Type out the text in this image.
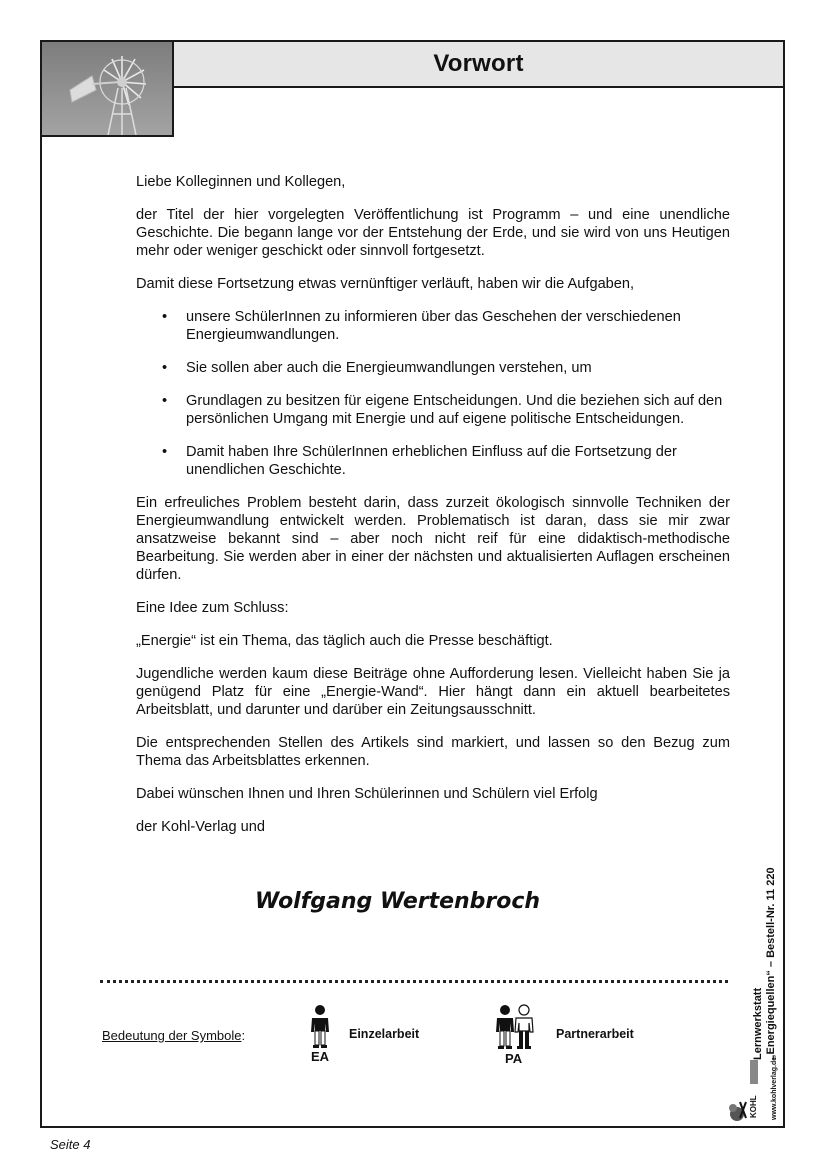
Vorwort

Liebe Kolleginnen und Kollegen,

der Titel der hier vorgelegten Veröffentlichung ist Programm – und eine unendliche Geschichte. Die begann lange vor der Entstehung der Erde, und sie wird von uns Heutigen mehr oder weniger geschickt oder sinnvoll fortgesetzt.

Damit diese Fortsetzung etwas vernünftiger verläuft, haben wir die Aufgaben,

• unsere SchülerInnen zu informieren über das Geschehen der verschiedenen Energieumwandlungen.
• Sie sollen aber auch die Energieumwandlungen verstehen, um
• Grundlagen zu besitzen für eigene Entscheidungen. Und die beziehen sich auf den persönlichen Umgang mit Energie und auf eigene politische Entscheidungen.
• Damit haben Ihre SchülerInnen erheblichen Einfluss auf die Fortsetzung der unendlichen Geschichte.

Ein erfreuliches Problem besteht darin, dass zurzeit ökologisch sinnvolle Techniken der Energieumwandlung entwickelt werden. Problematisch ist daran, dass sie mir zwar ansatzweise bekannt sind – aber noch nicht reif für eine didaktisch-methodische Bearbeitung. Sie werden aber in einer der nächsten und aktualisierten Auflagen erscheinen dürfen.

Eine Idee zum Schluss:

„Energie“ ist ein Thema, das täglich auch die Presse beschäftigt.

Jugendliche werden kaum diese Beiträge ohne Aufforderung lesen. Vielleicht haben Sie ja genügend Platz für eine „Energie-Wand“. Hier hängt dann ein aktuell bearbeitetes Arbeitsblatt, und darunter und darüber ein Zeitungsausschnitt.

Die entsprechenden Stellen des Artikels sind markiert, und lassen so den Bezug zum Thema das Arbeitsblattes erkennen.

Dabei wünschen Ihnen und Ihren Schülerinnen und Schülern viel Erfolg

der Kohl-Verlag und

Wolfgang Wertenbroch
Bedeutung der Symbole:
EA
Einzelarbeit
PA
Partnerarbeit	Lernwerkstatt „Energiequellen“ – Bestell-Nr. 11 220
www.kohlverlag.de
KOHL
Seite 4
